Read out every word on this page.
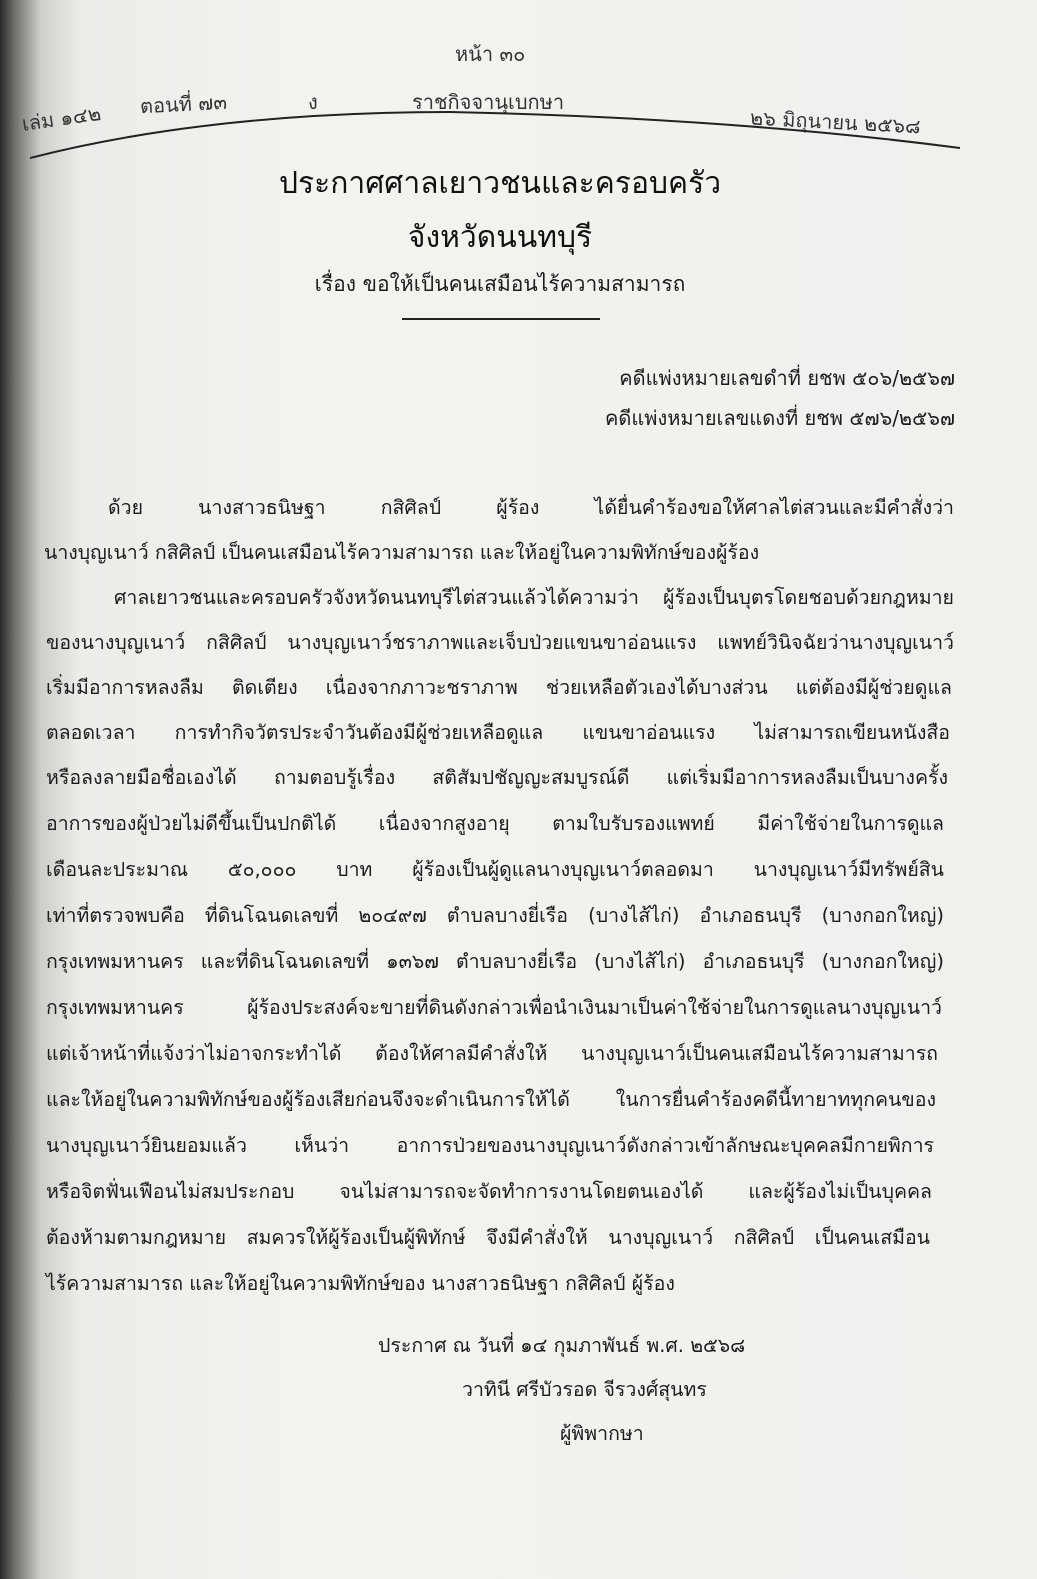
หน้า ๓๐
เล่ม ๑๔๒ ตอนที่ ๗๓	ง	ราชกิจจานุเบกษา
๒๖ มิถุนายน ๒๕๖๘
ประกาศศาลเยาวชนและครอบครัว
จังหวัดนนทบุรี
เรื่อง ขอให้เป็นคนเสมือนไร้ความสามารถ
คดีแพ่งหมายเลขดำที่ ยชพ ๕๐๖/๒๕๖๗
คดีแพ่งหมายเลขแดงที่ ยชพ ๕๗๖/๒๕๖๗
ด้วย นางสาวธนิษฐา กสิศิลป์ ผู้ร้อง ได้ยื่นคำร้องขอให้ศาลไต่สวนและมีคำสั่งว่า
นางบุญเนาว์ กสิศิลป์ เป็นคนเสมือนไร้ความสามารถ และให้อยู่ในความพิทักษ์ของผู้ร้อง
ศาลเยาวชนและครอบครัวจังหวัดนนทบุรีไต่สวนแล้วได้ความว่า ผู้ร้องเป็นบุตรโดยชอบด้วยกฎหมาย
ของนางบุญเนาว์ กสิศิลป์ นางบุญเนาว์ชราภาพและเจ็บป่วยแขนขาอ่อนแรง แพทย์วินิจฉัยว่านางบุญเนาว์
เริ่มมีอาการหลงลืม ติดเตียง เนื่องจากภาวะชราภาพ ช่วยเหลือตัวเองได้บางส่วน แต่ต้องมีผู้ช่วยดูแล
ตลอดเวลา การทำกิจวัตรประจำวันต้องมีผู้ช่วยเหลือดูแล แขนขาอ่อนแรง ไม่สามารถเขียนหนังสือ
หรือลงลายมือชื่อเองได้ ถามตอบรู้เรื่อง สติสัมปชัญญะสมบูรณ์ดี แต่เริ่มมีอาการหลงลืมเป็นบางครั้ง
อาการของผู้ป่วยไม่ดีขึ้นเป็นปกติได้ เนื่องจากสูงอายุ ตามใบรับรองแพทย์ มีค่าใช้จ่ายในการดูแล
เดือนละประมาณ ๕๐,๐๐๐ บาท ผู้ร้องเป็นผู้ดูแลนางบุญเนาว์ตลอดมา นางบุญเนาว์มีทรัพย์สิน
เท่าที่ตรวจพบคือ ที่ดินโฉนดเลขที่ ๒๐๔๙๗ ตำบลบางยี่เรือ (บางไส้ไก่) อำเภอธนบุรี (บางกอกใหญ่)
กรุงเทพมหานคร และที่ดินโฉนดเลขที่ ๑๓๖๗ ตำบลบางยี่เรือ (บางไส้ไก่) อำเภอธนบุรี (บางกอกใหญ่)
กรุงเทพมหานคร ผู้ร้องประสงค์จะขายที่ดินดังกล่าวเพื่อนำเงินมาเป็นค่าใช้จ่ายในการดูแลนางบุญเนาว์
แต่เจ้าหน้าที่แจ้งว่าไม่อาจกระทำได้ ต้องให้ศาลมีคำสั่งให้ นางบุญเนาว์เป็นคนเสมือนไร้ความสามารถ
และให้อยู่ในความพิทักษ์ของผู้ร้องเสียก่อนจึงจะดำเนินการให้ได้ ในการยื่นคำร้องคดีนี้ทายาททุกคนของ
นางบุญเนาว์ยินยอมแล้ว เห็นว่า อาการป่วยของนางบุญเนาว์ดังกล่าวเข้าลักษณะบุคคลมีกายพิการ
หรือจิตฟั่นเฟือนไม่สมประกอบ จนไม่สามารถจะจัดทำการงานโดยตนเองได้ และผู้ร้องไม่เป็นบุคคล
ต้องห้ามตามกฎหมาย สมควรให้ผู้ร้องเป็นผู้พิทักษ์ จึงมีคำสั่งให้ นางบุญเนาว์ กสิศิลป์ เป็นคนเสมือน
ไร้ความสามารถ และให้อยู่ในความพิทักษ์ของ นางสาวธนิษฐา กสิศิลป์ ผู้ร้อง
ประกาศ ณ วันที่ ๑๔ กุมภาพันธ์ พ.ศ. ๒๕๖๘
วาทินี ศรีบัวรอด จีรวงศ์สุนทร
ผู้พิพากษา
